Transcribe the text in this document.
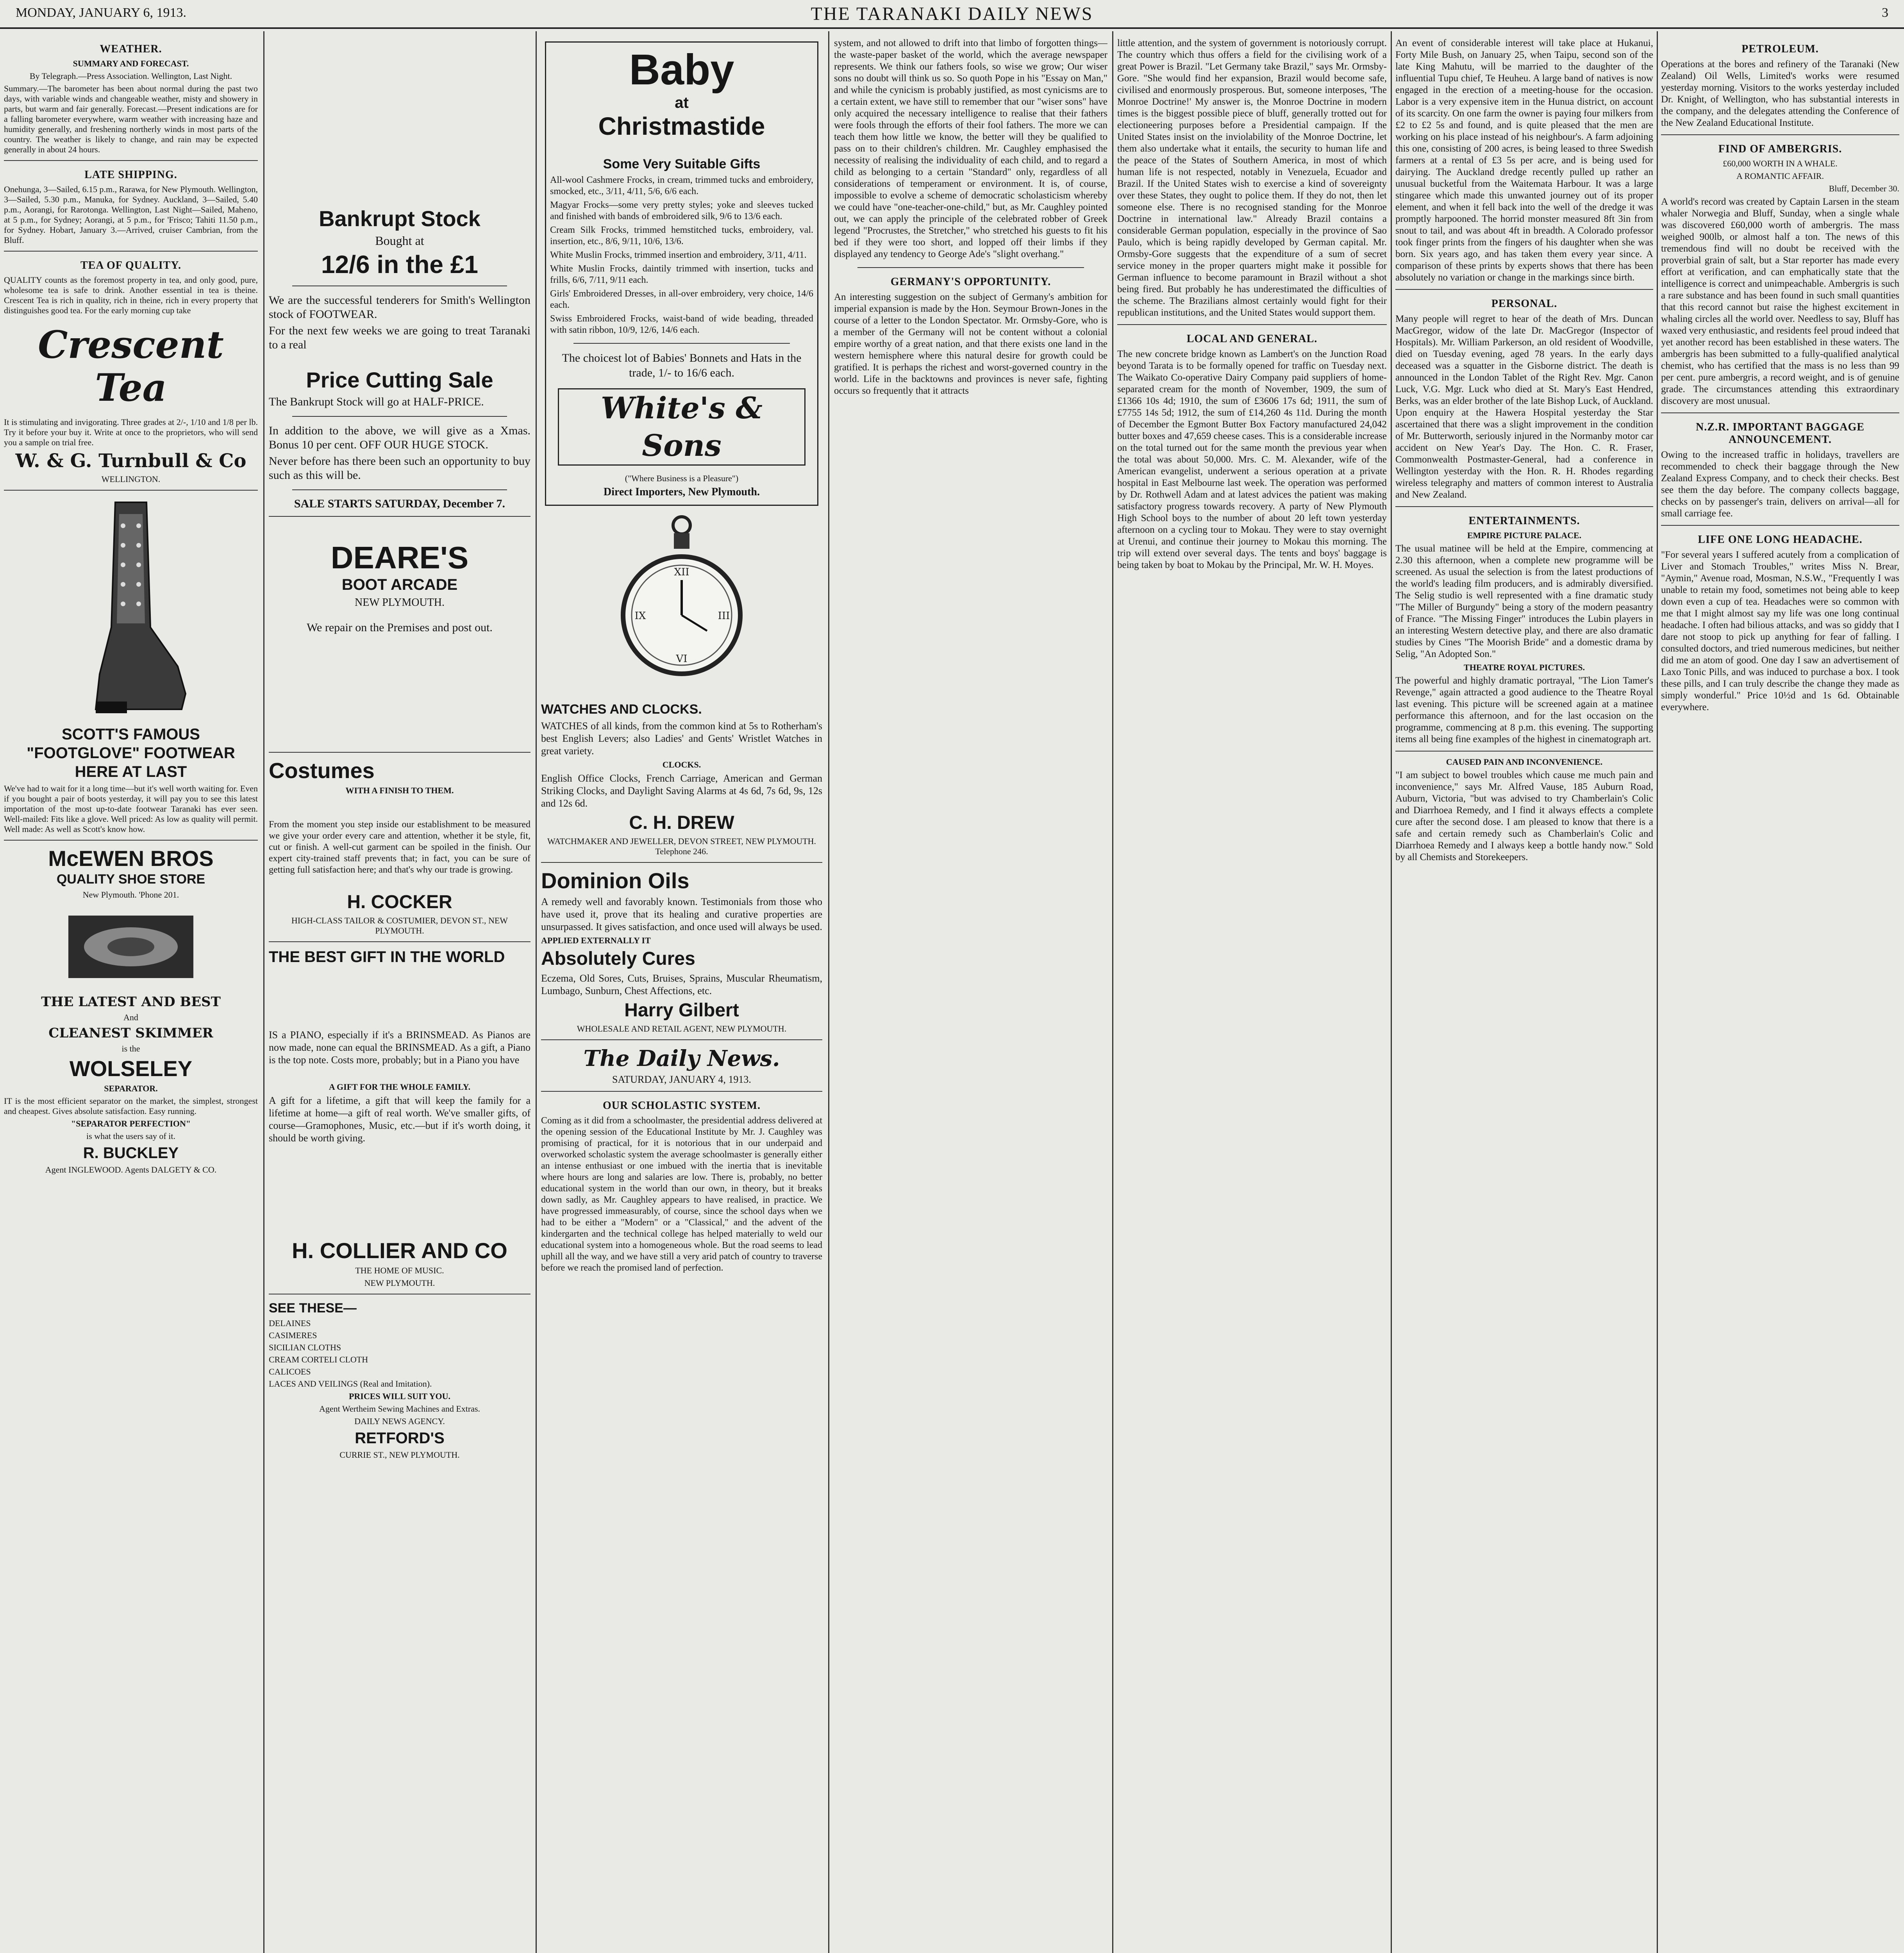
MONDAY, JANUARY 6, 1913.	THE TARANAKI DAILY NEWS	3
WEATHER.
SUMMARY AND FORECAST.
By Telegraph.—Press Association. Wellington, Last Night.
Summary.—The barometer has been about normal during the past two days, with variable winds and changeable weather, misty and showery in parts, but warm and fair generally. Forecast.—Present indications are for a falling barometer everywhere, warm weather with increasing haze and humidity generally, and freshening northerly winds in most parts of the country. The weather is likely to change, and rain may be expected generally in about 24 hours.
LATE SHIPPING.
Onehunga, 3—Sailed, 6.15 p.m., Rarawa, for New Plymouth. Wellington, 3—Sailed, 5.30 p.m., Manuka, for Sydney. Auckland, 3—Sailed, 5.40 p.m., Aorangi, for Rarotonga. Wellington, Last Night—Sailed, Maheno, at 5 p.m., for Sydney; Aorangi, at 5 p.m., for 'Frisco; Tahiti 11.50 p.m., for Sydney. Hobart, January 3.—Arrived, cruiser Cambrian, from the Bluff.
TEA OF QUALITY.
QUALITY counts as the foremost property in tea, and only good, pure, wholesome tea is safe to drink. Another essential in tea is theine. Crescent Tea is rich in quality, rich in theine, rich in every property that distinguishes good tea. For the early morning cup take
Crescent Tea
It is stimulating and invigorating. Three grades at 2/-, 1/10 and 1/8 per lb. Try it before your buy it. Write at once to the proprietors, who will send you a sample on trial free.
W. & G. Turnbull & Co
WELLINGTON.
SCOTT'S FAMOUS
"FOOTGLOVE" FOOTWEAR
HERE AT LAST
We've had to wait for it a long time—but it's well worth waiting for. Even if you bought a pair of boots yesterday, it will pay you to see this latest importation of the most up-to-date footwear Taranaki has ever seen. Well-mailed: Fits like a glove. Well priced: As low as quality will permit. Well made: As well as Scott's know how.
McEWEN BROS
QUALITY SHOE STORE
New Plymouth. 'Phone 201.
THE LATEST AND BEST
And
CLEANEST SKIMMER
is the
WOLSELEY
SEPARATOR.
IT is the most efficient separator on the market, the simplest, strongest and cheapest. Gives absolute satisfaction. Easy running.
"SEPARATOR PERFECTION"
is what the users say of it.
R. BUCKLEY
Agent INGLEWOOD. Agents DALGETY & CO.
Bankrupt Stock
Bought at
12/6 in the £1
We are the successful tenderers for Smith's Wellington stock of FOOTWEAR.
For the next few weeks we are going to treat Taranaki to a real
Price Cutting Sale
The Bankrupt Stock will go at HALF-PRICE.
In addition to the above, we will give as a Xmas. Bonus 10 per cent. OFF OUR HUGE STOCK.
Never before has there been such an opportunity to buy such as this will be.
SALE STARTS SATURDAY, December 7.
DEARE'S
BOOT ARCADE
NEW PLYMOUTH.
We repair on the Premises and post out.
Costumes
WITH A FINISH TO THEM.
From the moment you step inside our establishment to be measured we give your order every care and attention, whether it be style, fit, cut or finish. A well-cut garment can be spoiled in the finish. Our expert city-trained staff prevents that; in fact, you can be sure of getting full satisfaction here; and that's why our trade is growing.
H. COCKER
HIGH-CLASS TAILOR & COSTUMIER, DEVON ST., NEW PLYMOUTH.
THE BEST GIFT IN THE WORLD
IS a PIANO, especially if it's a BRINSMEAD. As Pianos are now made, none can equal the BRINSMEAD. As a gift, a Piano is the top note. Costs more, probably; but in a Piano you have
A GIFT FOR THE WHOLE FAMILY.
A gift for a lifetime, a gift that will keep the family for a lifetime at home—a gift of real worth. We've smaller gifts, of course—Gramophones, Music, etc.—but if it's worth doing, it should be worth giving.
H. COLLIER AND CO
THE HOME OF MUSIC.
NEW PLYMOUTH.
SEE THESE—
DELAINES
CASIMERES
SICILIAN CLOTHS
CREAM CORTELI CLOTH
CALICOES
LACES AND VEILINGS (Real and Imitation).
PRICES WILL SUIT YOU.
Agent Wertheim Sewing Machines and Extras.
DAILY NEWS AGENCY.
RETFORD'S
CURRIE ST., NEW PLYMOUTH.
Baby
at
Christmastide
Some Very Suitable Gifts
All-wool Cashmere Frocks, in cream, trimmed tucks and embroidery, smocked, etc., 3/11, 4/11, 5/6, 6/6 each.
Magyar Frocks—some very pretty styles; yoke and sleeves tucked and finished with bands of embroidered silk, 9/6 to 13/6 each.
Cream Silk Frocks, trimmed hemstitched tucks, embroidery, val. insertion, etc., 8/6, 9/11, 10/6, 13/6.
White Muslin Frocks, trimmed insertion and embroidery, 3/11, 4/11.
White Muslin Frocks, daintily trimmed with insertion, tucks and frills, 6/6, 7/11, 9/11 each.
Girls' Embroidered Dresses, in all-over embroidery, very choice, 14/6 each.
Swiss Embroidered Frocks, waist-band of wide beading, threaded with satin ribbon, 10/9, 12/6, 14/6 each.
The choicest lot of Babies' Bonnets and Hats in the trade, 1/- to 16/6 each.
White's & Sons
("Where Business is a Pleasure")
Direct Importers, New Plymouth.
XII
III
VI
IX
WATCHES AND CLOCKS.
WATCHES of all kinds, from the common kind at 5s to Rotherham's best English Levers; also Ladies' and Gents' Wristlet Watches in great variety.
CLOCKS.
English Office Clocks, French Carriage, American and German Striking Clocks, and Daylight Saving Alarms at 4s 6d, 7s 6d, 9s, 12s and 12s 6d.
C. H. DREW
WATCHMAKER AND JEWELLER, DEVON STREET, NEW PLYMOUTH. Telephone 246.
Dominion Oils
A remedy well and favorably known. Testimonials from those who have used it, prove that its healing and curative properties are unsurpassed. It gives satisfaction, and once used will always be used.
APPLIED EXTERNALLY IT
Absolutely Cures
Eczema, Old Sores, Cuts, Bruises, Sprains, Muscular Rheumatism, Lumbago, Sunburn, Chest Affections, etc.
Harry Gilbert
WHOLESALE AND RETAIL AGENT, NEW PLYMOUTH.
The Daily News.
SATURDAY, JANUARY 4, 1913.
OUR SCHOLASTIC SYSTEM.
Coming as it did from a schoolmaster, the presidential address delivered at the opening session of the Educational Institute by Mr. J. Caughley was promising of practical, for it is notorious that in our underpaid and overworked scholastic system the average schoolmaster is generally either an intense enthusiast or one imbued with the inertia that is inevitable where hours are long and salaries are low. There is, probably, no better educational system in the world than our own, in theory, but it breaks down sadly, as Mr. Caughley appears to have realised, in practice. We have progressed immeasurably, of course, since the school days when we had to be either a "Modern" or a "Classical," and the advent of the kindergarten and the technical college has helped materially to weld our educational system into a homogeneous whole. But the road seems to lead uphill all the way, and we have still a very arid patch of country to traverse before we reach the promised land of perfection.
system, and not allowed to drift into that limbo of forgotten things—the waste-paper basket of the world, which the average newspaper represents. We think our fathers fools, so wise we grow; Our wiser sons no doubt will think us so. So quoth Pope in his "Essay on Man," and while the cynicism is probably justified, as most cynicisms are to a certain extent, we have still to remember that our "wiser sons" have only acquired the necessary intelligence to realise that their fathers were fools through the efforts of their fool fathers. The more we can teach them how little we know, the better will they be qualified to pass on to their children's children. Mr. Caughley emphasised the necessity of realising the individuality of each child, and to regard a child as belonging to a certain "Standard" only, regardless of all considerations of temperament or environment. It is, of course, impossible to evolve a scheme of democratic scholasticism whereby we could have "one-teacher-one-child," but, as Mr. Caughley pointed out, we can apply the principle of the celebrated robber of Greek legend "Procrustes, the Stretcher," who stretched his guests to fit his bed if they were too short, and lopped off their limbs if they displayed any tendency to George Ade's "slight overhang."
GERMANY'S OPPORTUNITY.
An interesting suggestion on the subject of Germany's ambition for imperial expansion is made by the Hon. Seymour Brown-Jones in the course of a letter to the London Spectator. Mr. Ormsby-Gore, who is a member of the Germany will not be content without a colonial empire worthy of a great nation, and that there exists one land in the western hemisphere where this natural desire for growth could be gratified. It is perhaps the richest and worst-governed country in the world. Life in the backtowns and provinces is never safe, fighting occurs so frequently that it attracts
little attention, and the system of government is notoriously corrupt. The country which thus offers a field for the civilising work of a great Power is Brazil. "Let Germany take Brazil," says Mr. Ormsby-Gore. "She would find her expansion, Brazil would become safe, civilised and enormously prosperous. But, someone interposes, 'The Monroe Doctrine!' My answer is, the Monroe Doctrine in modern times is the biggest possible piece of bluff, generally trotted out for electioneering purposes before a Presidential campaign. If the United States insist on the inviolability of the Monroe Doctrine, let them also undertake what it entails, the security to human life and the peace of the States of Southern America, in most of which human life is not respected, notably in Venezuela, Ecuador and Brazil. If the United States wish to exercise a kind of sovereignty over these States, they ought to police them. If they do not, then let someone else. There is no recognised standing for the Monroe Doctrine in international law." Already Brazil contains a considerable German population, especially in the province of Sao Paulo, which is being rapidly developed by German capital. Mr. Ormsby-Gore suggests that the expenditure of a sum of secret service money in the proper quarters might make it possible for German influence to become paramount in Brazil without a shot being fired. But probably he has underestimated the difficulties of the scheme. The Brazilians almost certainly would fight for their republican institutions, and the United States would support them.
LOCAL AND GENERAL.
The new concrete bridge known as Lambert's on the Junction Road beyond Tarata is to be formally opened for traffic on Tuesday next. The Waikato Co-operative Dairy Company paid suppliers of home-separated cream for the month of November, 1909, the sum of £1366 10s 4d; 1910, the sum of £3606 17s 6d; 1911, the sum of £7755 14s 5d; 1912, the sum of £14,260 4s 11d. During the month of December the Egmont Butter Box Factory manufactured 24,042 butter boxes and 47,659 cheese cases. This is a considerable increase on the total turned out for the same month the previous year when the total was about 50,000. Mrs. C. M. Alexander, wife of the American evangelist, underwent a serious operation at a private hospital in East Melbourne last week. The operation was performed by Dr. Rothwell Adam and at latest advices the patient was making satisfactory progress towards recovery. A party of New Plymouth High School boys to the number of about 20 left town yesterday afternoon on a cycling tour to Mokau. They were to stay overnight at Urenui, and continue their journey to Mokau this morning. The trip will extend over several days. The tents and boys' baggage is being taken by boat to Mokau by the Principal, Mr. W. H. Moyes.
An event of considerable interest will take place at Hukanui, Forty Mile Bush, on January 25, when Taipu, second son of the late King Mahutu, will be married to the daughter of the influential Tupu chief, Te Heuheu. A large band of natives is now engaged in the erection of a meeting-house for the occasion. Labor is a very expensive item in the Hunua district, on account of its scarcity. On one farm the owner is paying four milkers from £2 to £2 5s and found, and is quite pleased that the men are working on his place instead of his neighbour's. A farm adjoining this one, consisting of 200 acres, is being leased to three Swedish farmers at a rental of £3 5s per acre, and is being used for dairying. The Auckland dredge recently pulled up rather an unusual bucketful from the Waitemata Harbour. It was a large stingaree which made this unwanted journey out of its proper element, and when it fell back into the well of the dredge it was promptly harpooned. The horrid monster measured 8ft 3in from snout to tail, and was about 4ft in breadth. A Colorado professor took finger prints from the fingers of his daughter when she was born. Six years ago, and has taken them every year since. A comparison of these prints by experts shows that there has been absolutely no variation or change in the markings since birth.
PERSONAL.
Many people will regret to hear of the death of Mrs. Duncan MacGregor, widow of the late Dr. MacGregor (Inspector of Hospitals). Mr. William Parkerson, an old resident of Woodville, died on Tuesday evening, aged 78 years. In the early days deceased was a squatter in the Gisborne district. The death is announced in the London Tablet of the Right Rev. Mgr. Canon Luck, V.G. Mgr. Luck who died at St. Mary's East Hendred, Berks, was an elder brother of the late Bishop Luck, of Auckland. Upon enquiry at the Hawera Hospital yesterday the Star ascertained that there was a slight improvement in the condition of Mr. Butterworth, seriously injured in the Normanby motor car accident on New Year's Day. The Hon. C. R. Fraser, Commonwealth Postmaster-General, had a conference in Wellington yesterday with the Hon. R. H. Rhodes regarding wireless telegraphy and matters of common interest to Australia and New Zealand.
ENTERTAINMENTS.
EMPIRE PICTURE PALACE.
The usual matinee will be held at the Empire, commencing at 2.30 this afternoon, when a complete new programme will be screened. As usual the selection is from the latest productions of the world's leading film producers, and is admirably diversified. The Selig studio is well represented with a fine dramatic study "The Miller of Burgundy" being a story of the modern peasantry of France. "The Missing Finger" introduces the Lubin players in an interesting Western detective play, and there are also dramatic studies by Cines "The Moorish Bride" and a domestic drama by Selig, "An Adopted Son."
THEATRE ROYAL PICTURES.
The powerful and highly dramatic portrayal, "The Lion Tamer's Revenge," again attracted a good audience to the Theatre Royal last evening. This picture will be screened again at a matinee performance this afternoon, and for the last occasion on the programme, commencing at 8 p.m. this evening. The supporting items all being fine examples of the highest in cinematograph art.
CAUSED PAIN AND INCONVENIENCE.
"I am subject to bowel troubles which cause me much pain and inconvenience," says Mr. Alfred Vause, 185 Auburn Road, Auburn, Victoria, "but was advised to try Chamberlain's Colic and Diarrhoea Remedy, and I find it always effects a complete cure after the second dose. I am pleased to know that there is a safe and certain remedy such as Chamberlain's Colic and Diarrhoea Remedy and I always keep a bottle handy now." Sold by all Chemists and Storekeepers.
PETROLEUM.
Operations at the bores and refinery of the Taranaki (New Zealand) Oil Wells, Limited's works were resumed yesterday morning. Visitors to the works yesterday included Dr. Knight, of Wellington, who has substantial interests in the company, and the delegates attending the Conference of the New Zealand Educational Institute.
FIND OF AMBERGRIS.
£60,000 WORTH IN A WHALE.
A ROMANTIC AFFAIR.
Bluff, December 30.
A world's record was created by Captain Larsen in the steam whaler Norwegia and Bluff, Sunday, when a single whale was discovered £60,000 worth of ambergris. The mass weighed 900lb, or almost half a ton. The news of this tremendous find will no doubt be received with the proverbial grain of salt, but a Star reporter has made every effort at verification, and can emphatically state that the intelligence is correct and unimpeachable. Ambergris is such a rare substance and has been found in such small quantities that this record cannot but raise the highest excitement in whaling circles all the world over. Needless to say, Bluff has waxed very enthusiastic, and residents feel proud indeed that yet another record has been established in these waters. The ambergris has been submitted to a fully-qualified analytical chemist, who has certified that the mass is no less than 99 per cent. pure ambergris, a record weight, and is of genuine grade. The circumstances attending this extraordinary discovery are most unusual.
N.Z.R. IMPORTANT BAGGAGE ANNOUNCEMENT.
Owing to the increased traffic in holidays, travellers are recommended to check their baggage through the New Zealand Express Company, and to check their checks. Best see them the day before. The company collects baggage, checks on by passenger's train, delivers on arrival—all for small carriage fee.
LIFE ONE LONG HEADACHE.
"For several years I suffered acutely from a complication of Liver and Stomach Troubles," writes Miss N. Brear, "Aymin," Avenue road, Mosman, N.S.W., "Frequently I was unable to retain my food, sometimes not being able to keep down even a cup of tea. Headaches were so common with me that I might almost say my life was one long continual headache. I often had bilious attacks, and was so giddy that I dare not stoop to pick up anything for fear of falling. I consulted doctors, and tried numerous medicines, but neither did me an atom of good. One day I saw an advertisement of Laxo Tonic Pills, and was induced to purchase a box. I took these pills, and I can truly describe the change they made as simply wonderful." Price 10½d and 1s 6d. Obtainable everywhere.
